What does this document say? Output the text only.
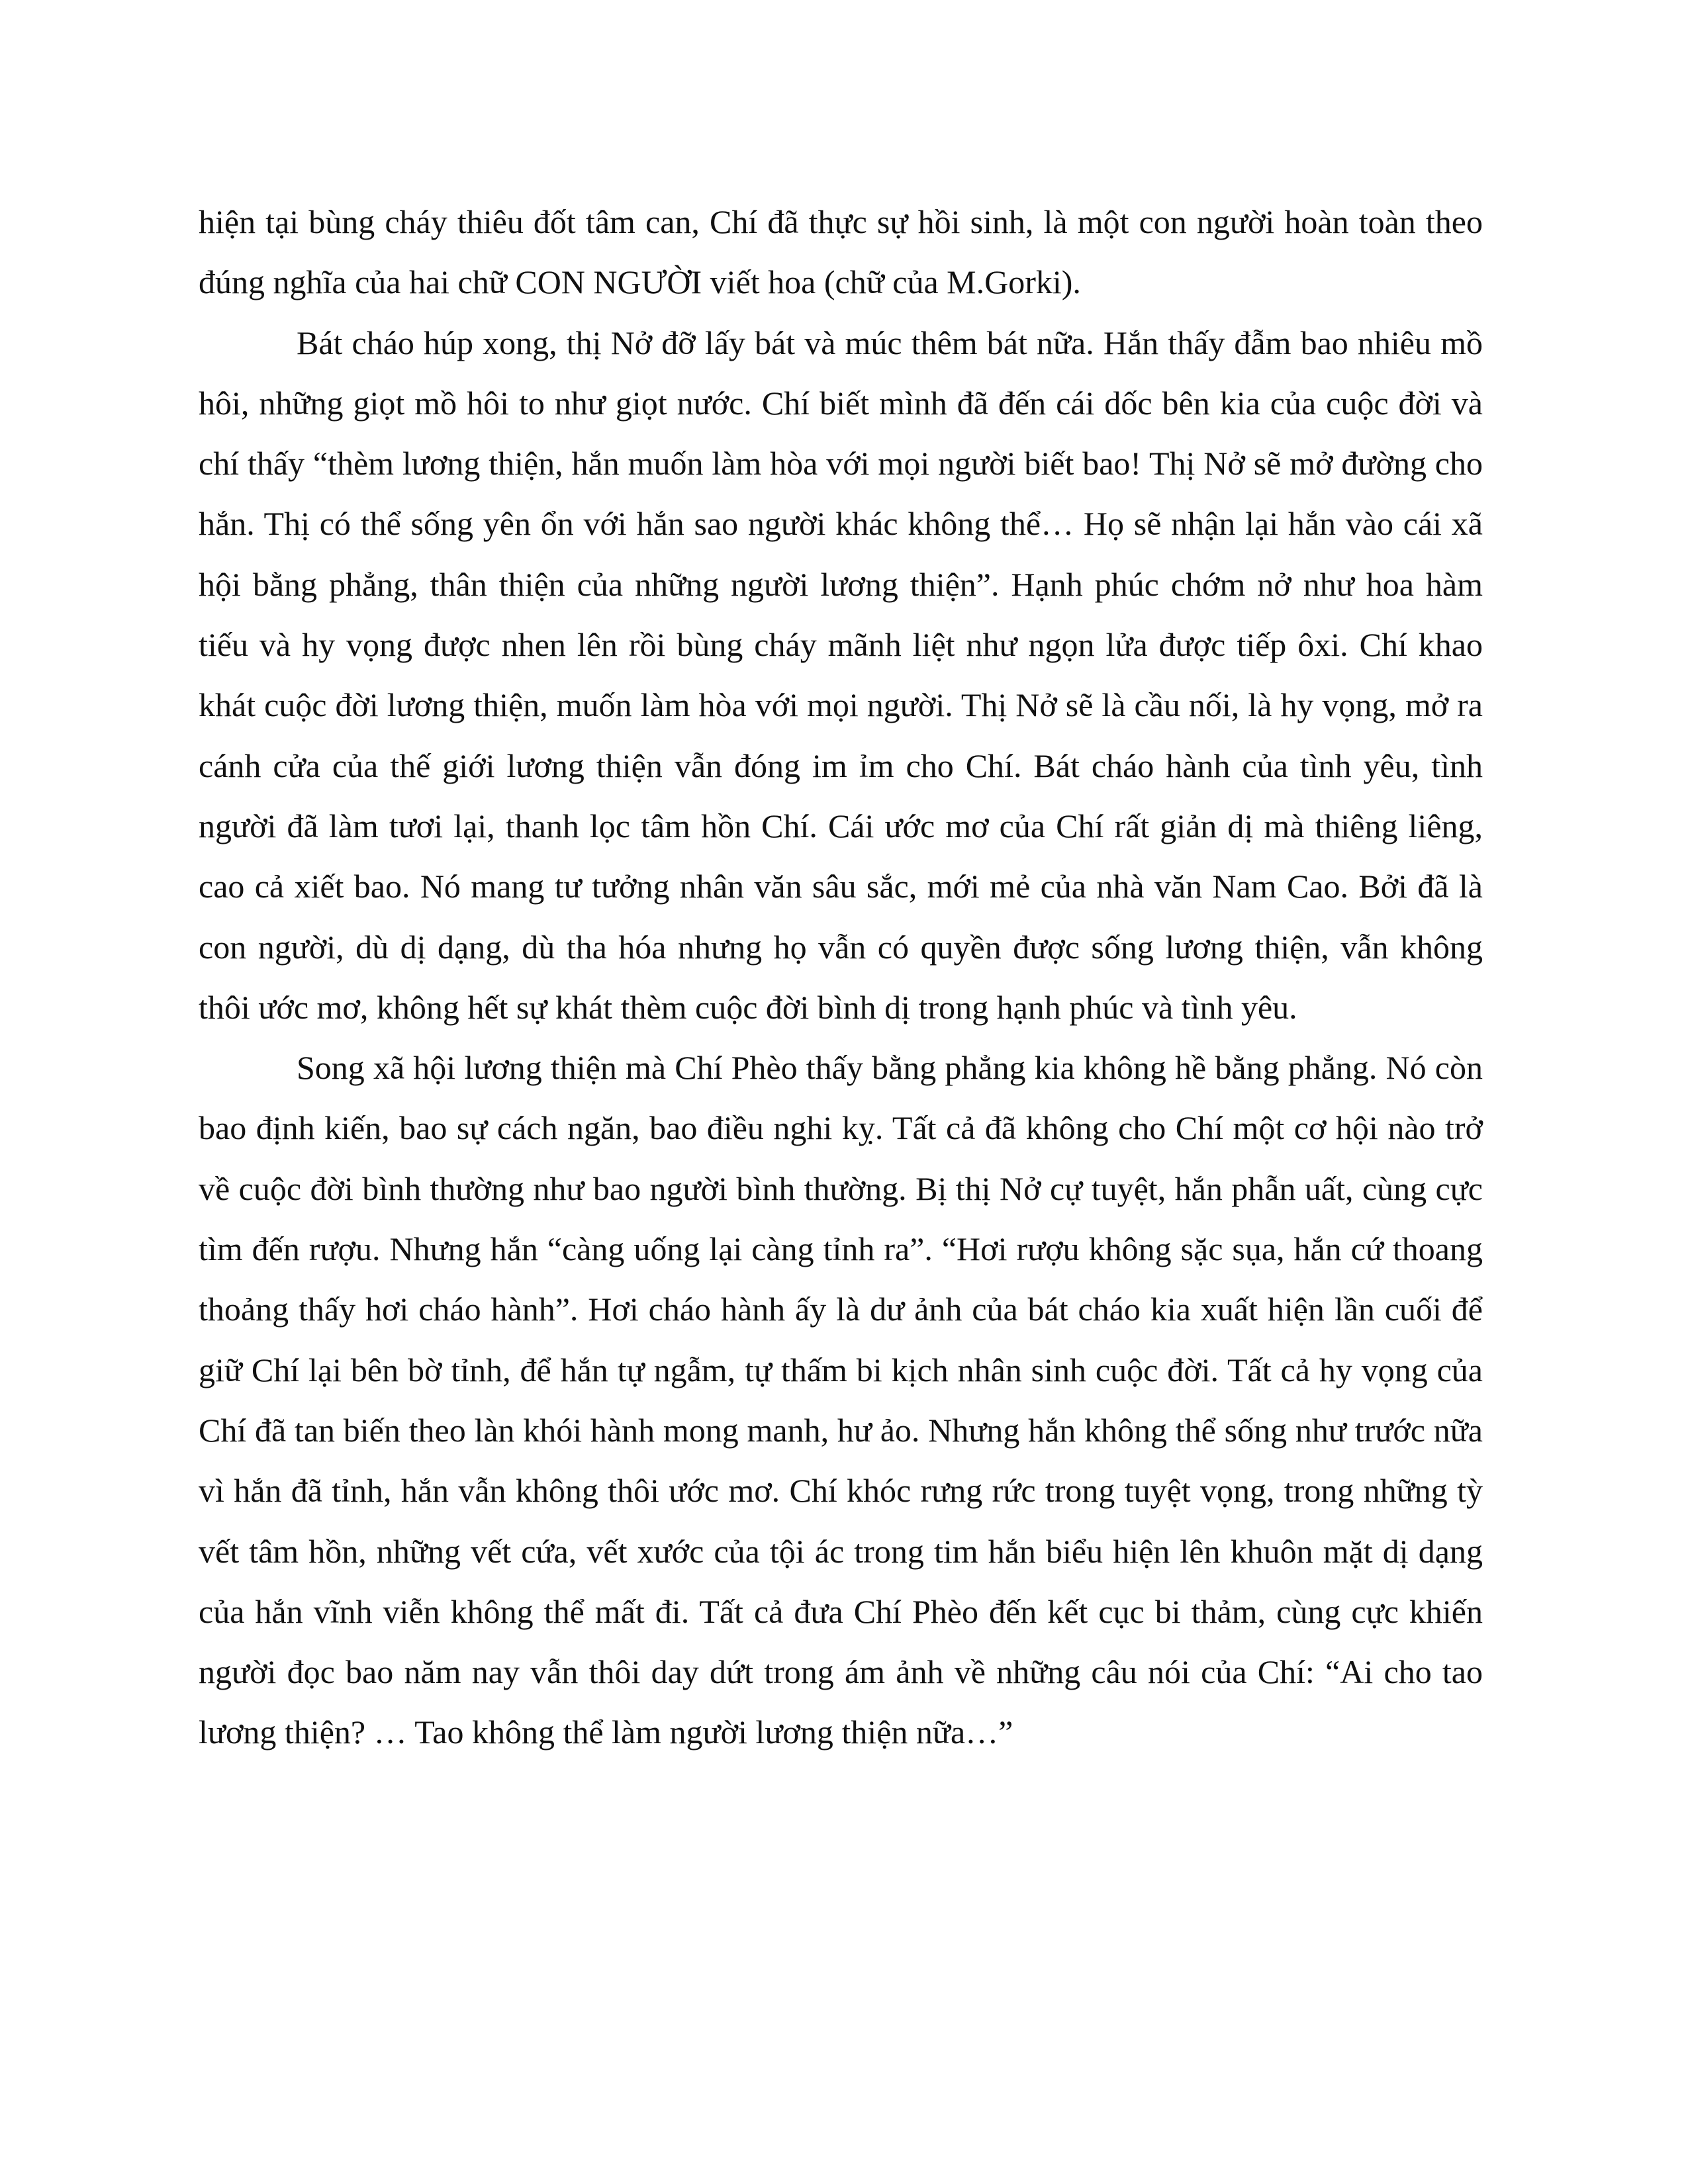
hiện tại bùng cháy thiêu đốt tâm can, Chí đã thực sự hồi sinh, là một con người hoàn toàn theo đúng nghĩa của hai chữ CON NGƯỜI viết hoa (chữ của M.Gorki).

Bát cháo húp xong, thị Nở đỡ lấy bát và múc thêm bát nữa. Hắn thấy đẫm bao nhiêu mồ hôi, những giọt mồ hôi to như giọt nước. Chí biết mình đã đến cái dốc bên kia của cuộc đời và chí thấy “thèm lương thiện, hắn muốn làm hòa với mọi người biết bao! Thị Nở sẽ mở đường cho hắn. Thị có thể sống yên ổn với hắn sao người khác không thể… Họ sẽ nhận lại hắn vào cái xã hội bằng phẳng, thân thiện của những người lương thiện”. Hạnh phúc chớm nở như hoa hàm tiếu và hy vọng được nhen lên rồi bùng cháy mãnh liệt như ngọn lửa được tiếp ôxi. Chí khao khát cuộc đời lương thiện, muốn làm hòa với mọi người. Thị Nở sẽ là cầu nối, là hy vọng, mở ra cánh cửa của thế giới lương thiện vẫn đóng im ỉm cho Chí. Bát cháo hành của tình yêu, tình người đã làm tươi lại, thanh lọc tâm hồn Chí. Cái ước mơ của Chí rất giản dị mà thiêng liêng, cao cả xiết bao. Nó mang tư tưởng nhân văn sâu sắc, mới mẻ của nhà văn Nam Cao. Bởi đã là con người, dù dị dạng, dù tha hóa nhưng họ vẫn có quyền được sống lương thiện, vẫn không thôi ước mơ, không hết sự khát thèm cuộc đời bình dị trong hạnh phúc và tình yêu.

Song xã hội lương thiện mà Chí Phèo thấy bằng phẳng kia không hề bằng phẳng. Nó còn bao định kiến, bao sự cách ngăn, bao điều nghi kỵ. Tất cả đã không cho Chí một cơ hội nào trở về cuộc đời bình thường như bao người bình thường. Bị thị Nở cự tuyệt, hắn phẫn uất, cùng cực tìm đến rượu. Nhưng hắn “càng uống lại càng tỉnh ra”. “Hơi rượu không sặc sụa, hắn cứ thoang thoảng thấy hơi cháo hành”. Hơi cháo hành ấy là dư ảnh của bát cháo kia xuất hiện lần cuối để giữ Chí lại bên bờ tỉnh, để hắn tự ngẫm, tự thấm bi kịch nhân sinh cuộc đời. Tất cả hy vọng của Chí đã tan biến theo làn khói hành mong manh, hư ảo. Nhưng hắn không thể sống như trước nữa vì hắn đã tỉnh, hắn vẫn không thôi ước mơ. Chí khóc rưng rức trong tuyệt vọng, trong những tỳ vết tâm hồn, những vết cứa, vết xước của tội ác trong tim hắn biểu hiện lên khuôn mặt dị dạng của hắn vĩnh viễn không thể mất đi. Tất cả đưa Chí Phèo đến kết cục bi thảm, cùng cực khiến người đọc bao năm nay vẫn thôi day dứt trong ám ảnh về những câu nói của Chí: “Ai cho tao lương thiện? … Tao không thể làm người lương thiện nữa…”
